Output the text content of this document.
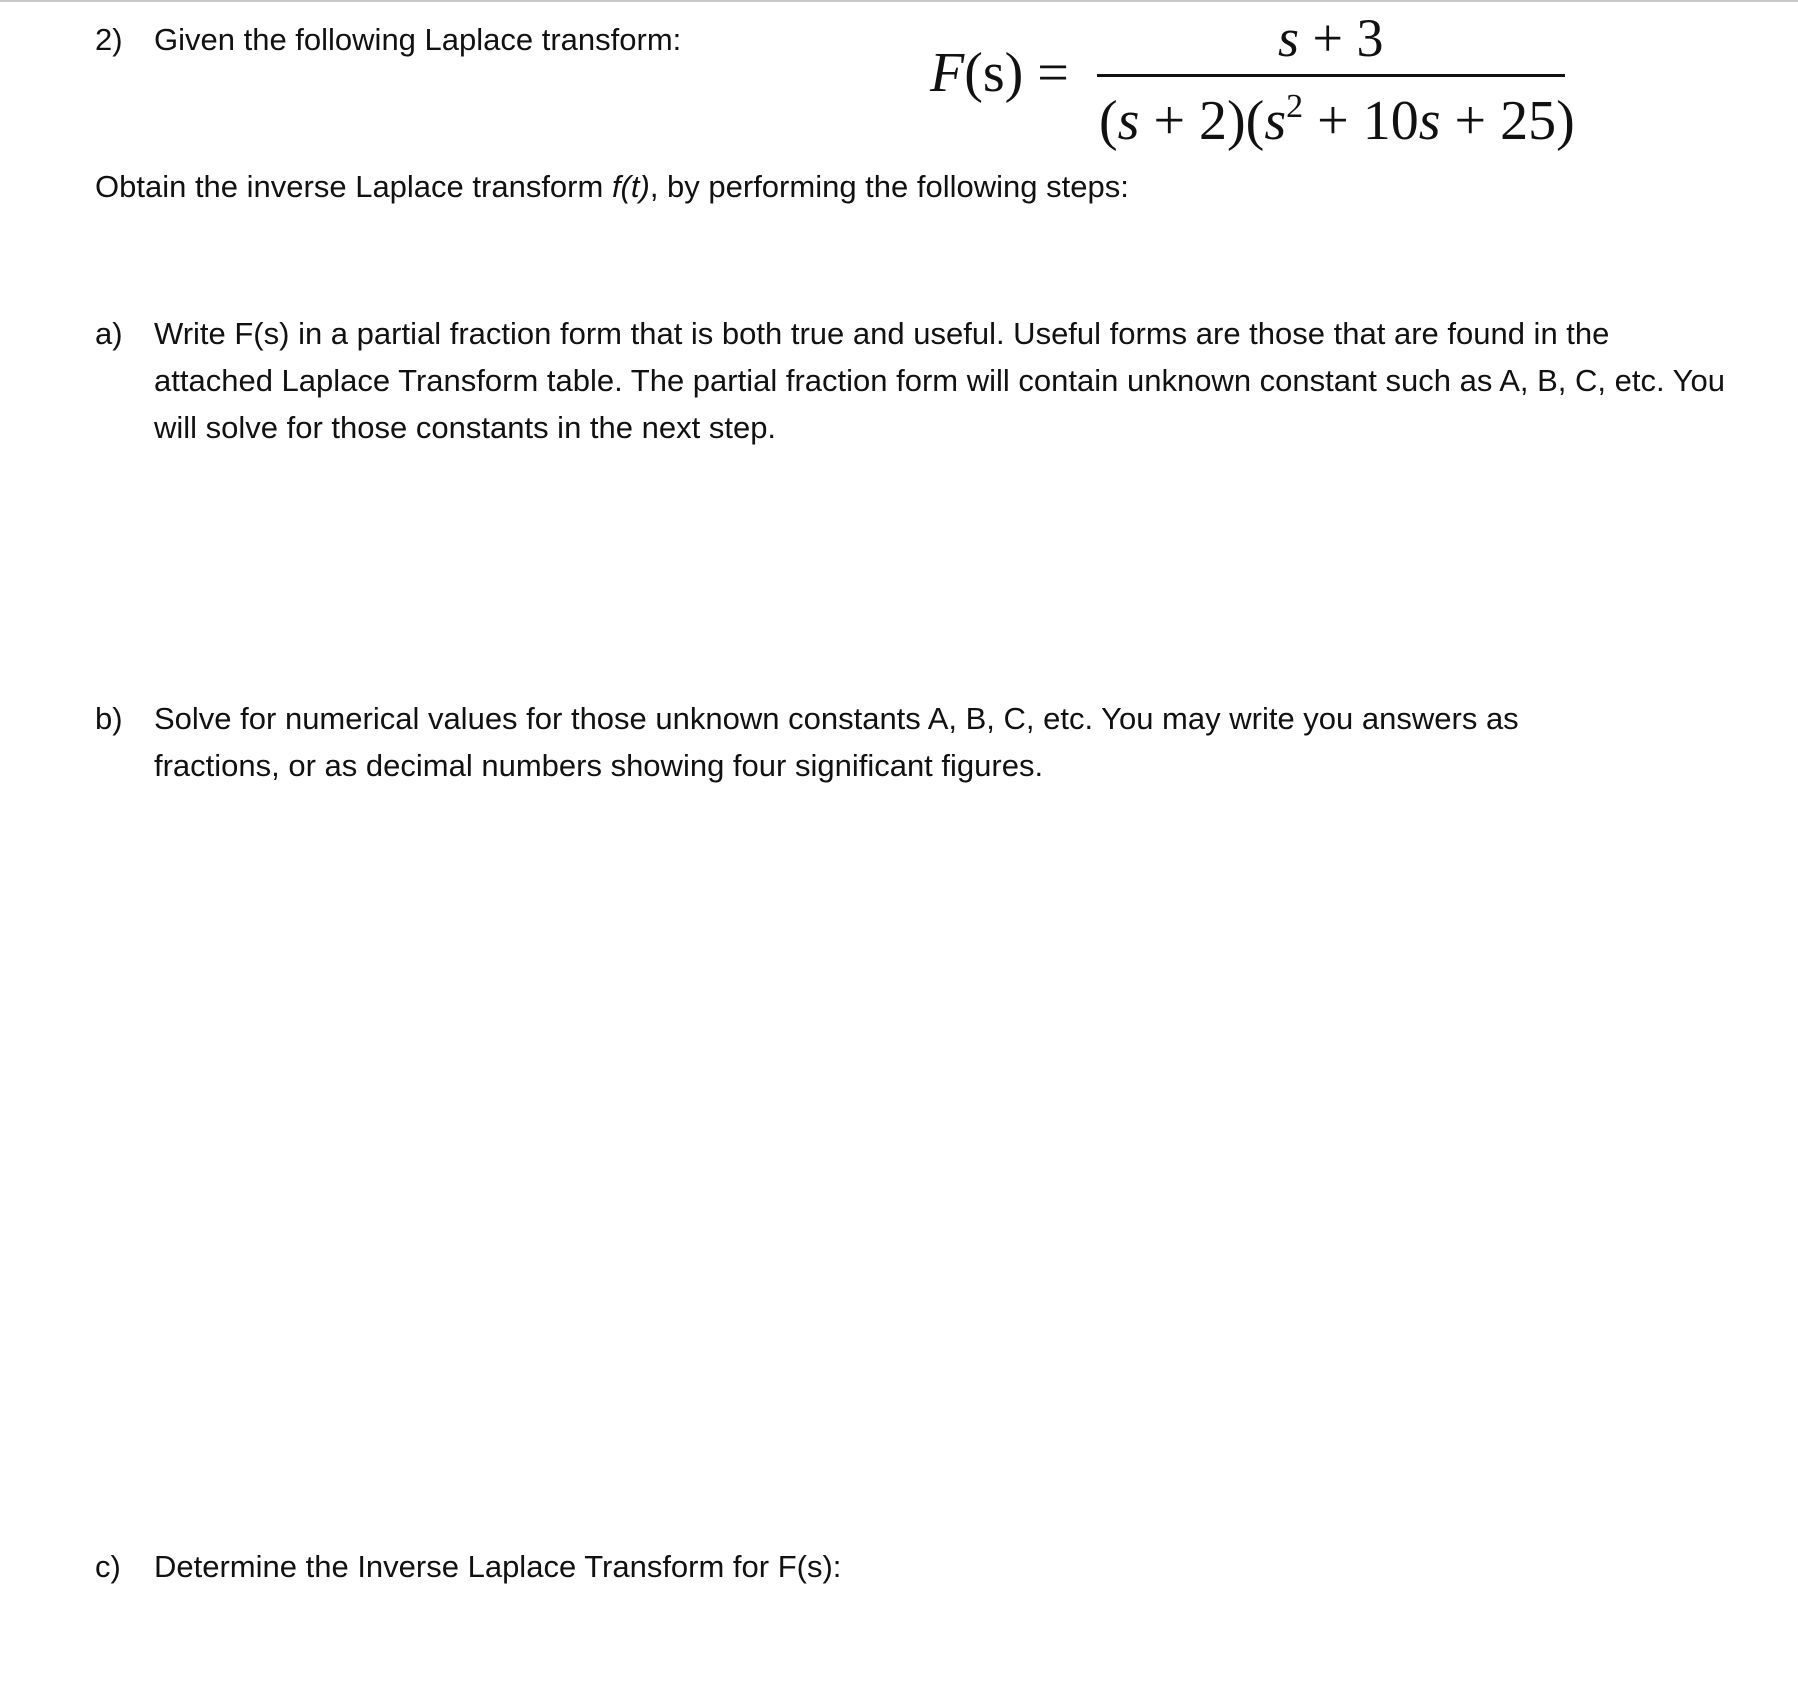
2) Given the following Laplace transform:
F(s) =
s + 3
$(s + 2)(s^2 + 10s + 25)$
Obtain the inverse Laplace transform f(t), by performing the following steps:
a) Write F(s) in a partial fraction form that is both true and useful. Useful forms are those that are found in the attached Laplace Transform table. The partial fraction form will contain unknown constant such as A, B, C, etc. You will solve for those constants in the next step.
b) Solve for numerical values for those unknown constants A, B, C, etc. You may write you answers as fractions, or as decimal numbers showing four significant figures.
c) Determine the Inverse Laplace Transform for F(s):
